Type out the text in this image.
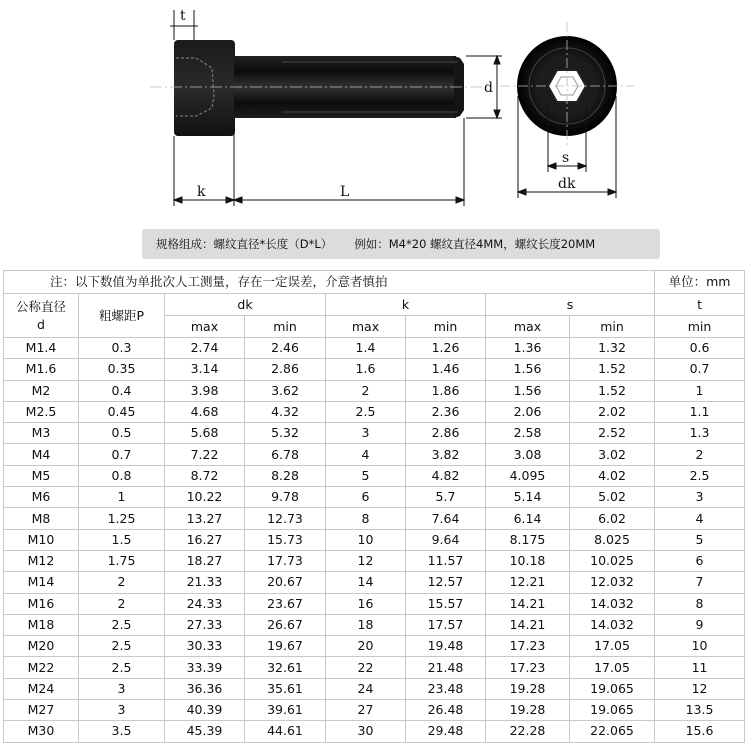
t
d
k	L
s
dk
规格组成：螺纹直径*长度（D*L） 例如：M4*20 螺纹直径4MM，螺纹长度20MM
注：以下数值为单批次人工测量，存在一定误差，介意者慎拍								单位：mm
公称直径
d	粗螺距P	dk		k		s		t
		max	min	max	min	max	min	min
M1.4	0.3	2.74	2.46	1.4	1.26	1.36	1.32	0.6
M1.6	0.35	3.14	2.86	1.6	1.46	1.56	1.52	0.7
M2	0.4	3.98	3.62	2	1.86	1.56	1.52	1
M2.5	0.45	4.68	4.32	2.5	2.36	2.06	2.02	1.1
M3	0.5	5.68	5.32	3	2.86	2.58	2.52	1.3
M4	0.7	7.22	6.78	4	3.82	3.08	3.02	2
M5	0.8	8.72	8.28	5	4.82	4.095	4.02	2.5
M6	1	10.22	9.78	6	5.7	5.14	5.02	3
M8	1.25	13.27	12.73	8	7.64	6.14	6.02	4
M10	1.5	16.27	15.73	10	9.64	8.175	8.025	5
M12	1.75	18.27	17.73	12	11.57	10.18	10.025	6
M14	2	21.33	20.67	14	12.57	12.21	12.032	7
M16	2	24.33	23.67	16	15.57	14.21	14.032	8
M18	2.5	27.33	26.67	18	17.57	14.21	14.032	9
M20	2.5	30.33	19.67	20	19.48	17.23	17.05	10
M22	2.5	33.39	32.61	22	21.48	17.23	17.05	11
M24	3	36.36	35.61	24	23.48	19.28	19.065	12
M27	3	40.39	39.61	27	26.48	19.28	19.065	13.5
M30	3.5	45.39	44.61	30	29.48	22.28	22.065	15.6
